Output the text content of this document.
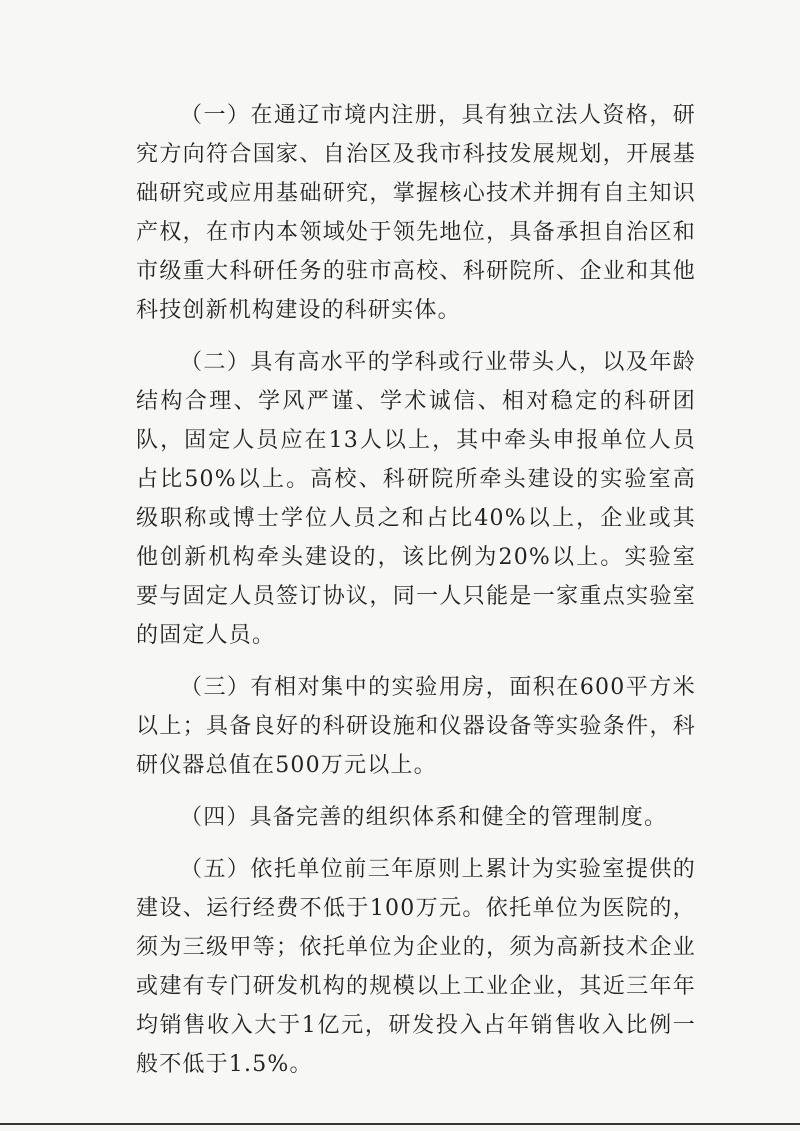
（一）在通辽市境内注册，具有独立法人资格，研究方向符合国家、自治区及我市科技发展规划，开展基础研究或应用基础研究，掌握核心技术并拥有自主知识产权，在市内本领域处于领先地位，具备承担自治区和市级重大科研任务的驻市高校、科研院所、企业和其他科技创新机构建设的科研实体。

（二）具有高水平的学科或行业带头人，以及年龄结构合理、学风严谨、学术诚信、相对稳定的科研团队，固定人员应在13人以上，其中牵头申报单位人员占比50%以上。高校、科研院所牵头建设的实验室高级职称或博士学位人员之和占比40%以上，企业或其他创新机构牵头建设的，该比例为20%以上。实验室要与固定人员签订协议，同一人只能是一家重点实验室的固定人员。

（三）有相对集中的实验用房，面积在600平方米以上；具备良好的科研设施和仪器设备等实验条件，科研仪器总值在500万元以上。

（四）具备完善的组织体系和健全的管理制度。

（五）依托单位前三年原则上累计为实验室提供的建设、运行经费不低于100万元。依托单位为医院的，须为三级甲等；依托单位为企业的，须为高新技术企业或建有专门研发机构的规模以上工业企业，其近三年年均销售收入大于1亿元，研发投入占年销售收入比例一般不低于1.5%。
